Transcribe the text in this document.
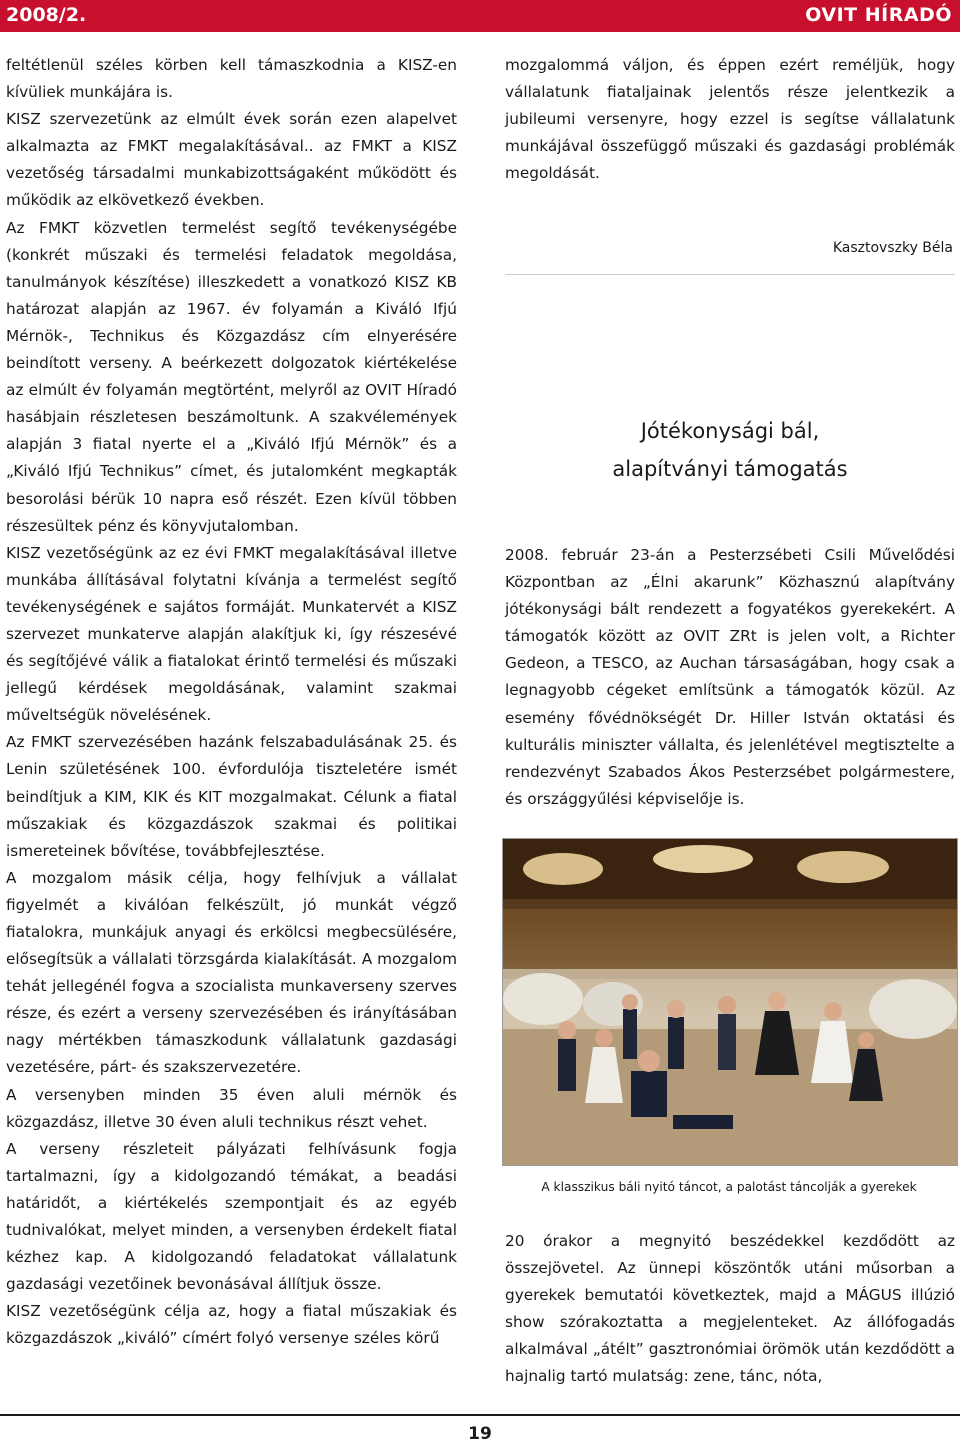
2008/2.	OVIT HÍRADÓ

feltétlenül széles körben kell támaszkodnia a KISZ-en kívüliek munkájára is.

KISZ szervezetünk az elmúlt évek során ezen alapelvet alkalmazta az FMKT megalakításával.. az FMKT a KISZ vezetőség társadalmi munkabizottságaként működött és működik az elkövetkező években.

Az FMKT közvetlen termelést segítő tevékenységébe (konkrét műszaki és termelési feladatok megoldása, tanulmányok készítése) illeszkedett a vonatkozó KISZ KB határozat alapján az 1967. év folyamán a Kiváló Ifjú Mérnök-, Technikus és Közgazdász cím elnyerésére beindított verseny. A beérkezett dolgozatok kiértékelése az elmúlt év folyamán megtörtént, melyről az OVIT Híradó hasábjain részletesen beszámoltunk. A szakvélemények alapján 3 fiatal nyerte el a „Kiváló Ifjú Mérnök” és a „Kiváló Ifjú Technikus” címet, és jutalomként megkapták besorolási bérük 10 napra eső részét. Ezen kívül többen részesültek pénz és könyvjutalomban.

KISZ vezetőségünk az ez évi FMKT megalakításával illetve munkába állításával folytatni kívánja a termelést segítő tevékenységének e sajátos formáját. Munkatervét a KISZ szervezet munkaterve alapján alakítjuk ki, így részesévé és segítőjévé válik a fiatalokat érintő termelési és műszaki jellegű kérdések megoldásának, valamint szakmai műveltségük növelésének.

Az FMKT szervezésében hazánk felszabadulásának 25. és Lenin születésének 100. évfordulója tiszteletére ismét beindítjuk a KIM, KIK és KIT mozgalmakat. Célunk a fiatal műszakiak és közgazdászok szakmai és politikai ismereteinek bővítése, továbbfejlesztése.

A mozgalom másik célja, hogy felhívjuk a vállalat figyelmét a kiválóan felkészült, jó munkát végző fiatalokra, munkájuk anyagi és erkölcsi megbecsülésére, elősegítsük a vállalati törzsgárda kialakítását. A mozgalom tehát jellegénél fogva a szocialista munkaverseny szerves része, és ezért a verseny szervezésében és irányításában nagy mértékben támaszkodunk vállalatunk gazdasági vezetésére, párt- és szakszervezetére.

A versenyben minden 35 éven aluli mérnök és közgazdász, illetve 30 éven aluli technikus részt vehet.

A verseny részleteit pályázati felhívásunk fogja tartalmazni, így a kidolgozandó témákat, a beadási határidőt, a kiértékelés szempontjait és az egyéb tudnivalókat, melyet minden, a versenyben érdekelt fiatal kézhez kap. A kidolgozandó feladatokat vállalatunk gazdasági vezetőinek bevonásával állítjuk össze.

KISZ vezetőségünk célja az, hogy a fiatal műszakiak és közgazdászok „kiváló” címért folyó versenye széles körű

mozgalommá váljon, és éppen ezért reméljük, hogy vállalatunk fiataljainak jelentős része jelentkezik a jubileumi versenyre, hogy ezzel is segítse vállalatunk munkájával összefüggő műszaki és gazdasági problémák megoldását.

Kasztovszky Béla
Jótékonysági bál,
alapítványi támogatás

2008. február 23-án a Pesterzsébeti Csili Művelődési Központban az „Élni akarunk” Közhasznú alapítvány jótékonysági bált rendezett a fogyatékos gyerekekért. A támogatók között az OVIT ZRt is jelen volt, a Richter Gedeon, a TESCO, az Auchan társaságában, hogy csak a legnagyobb cégeket említsünk a támogatók közül. Az esemény fővédnökségét Dr. Hiller István oktatási és kulturális miniszter vállalta, és jelenlétével megtisztelte a rendezvényt Szabados Ákos Pesterzsébet polgármestere, és országgyűlési képviselője is.

A klasszikus báli nyitó táncot, a palotást táncolják a gyerekek

20 órakor a megnyitó beszédekkel kezdődött az összejövetel. Az ünnepi köszöntők utáni műsorban a gyerekek bemutatói következtek, majd a MÁGUS illúzió show szórakoztatta a megjelenteket. Az állófogadás alkalmával „átélt” gasztronómiai örömök után kezdődött a hajnalig tartó mulatság: zene, tánc, nóta,

19
